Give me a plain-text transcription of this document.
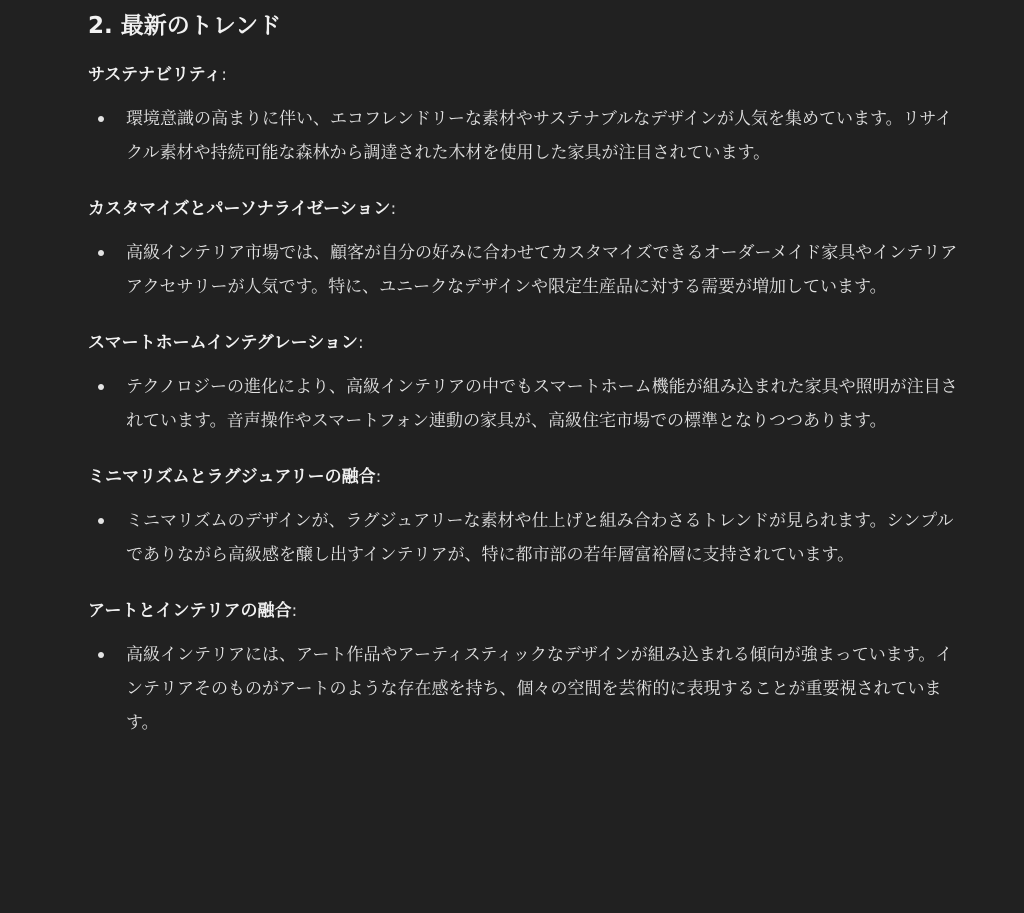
2. 最新のトレンド

サステナビリティ:

環境意識の高まりに伴い、エコフレンドリーな素材やサステナブルなデザインが人気を集めています。リサイクル素材や持続可能な森林から調達された木材を使用した家具が注目されています。

カスタマイズとパーソナライゼーション:

高級インテリア市場では、顧客が自分の好みに合わせてカスタマイズできるオーダーメイド家具やインテリアアクセサリーが人気です。特に、ユニークなデザインや限定生産品に対する需要が増加しています。

スマートホームインテグレーション:

テクノロジーの進化により、高級インテリアの中でもスマートホーム機能が組み込まれた家具や照明が注目されています。音声操作やスマートフォン連動の家具が、高級住宅市場での標準となりつつあります。

ミニマリズムとラグジュアリーの融合:

ミニマリズムのデザインが、ラグジュアリーな素材や仕上げと組み合わさるトレンドが見られます。シンプルでありながら高級感を醸し出すインテリアが、特に都市部の若年層富裕層に支持されています。

アートとインテリアの融合:

高級インテリアには、アート作品やアーティスティックなデザインが組み込まれる傾向が強まっています。インテリアそのものがアートのような存在感を持ち、個々の空間を芸術的に表現することが重要視されています。
